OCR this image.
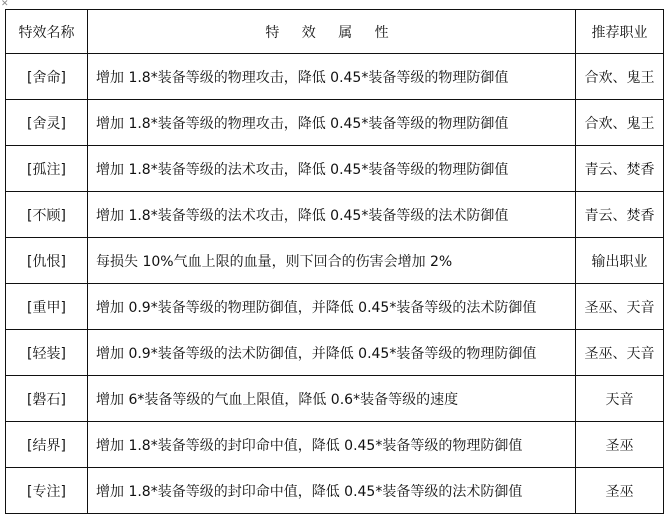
✕
特效名称	特 效 属 性	推荐职业
[舍命]	增加 1.8*装备等级的物理攻击，降低 0.45*装备等级的物理防御值	合欢、鬼王
[舍灵]	增加 1.8*装备等级的物理攻击，降低 0.45*装备等级的物理防御值	合欢、鬼王
[孤注]	增加 1.8*装备等级的法术攻击，降低 0.45*装备等级的物理防御值	青云、焚香
[不顾]	增加 1.8*装备等级的法术攻击，降低 0.45*装备等级的法术防御值	青云、焚香
[仇恨]	每损失 10%气血上限的血量，则下回合的伤害会增加 2%	输出职业
[重甲]	增加 0.9*装备等级的物理防御值，并降低 0.45*装备等级的法术防御值	圣巫、天音
[轻装]	增加 0.9*装备等级的法术防御值，并降低 0.45*装备等级的物理防御值	圣巫、天音
[磐石]	增加 6*装备等级的气血上限值，降低 0.6*装备等级的速度	天音
[结界]	增加 1.8*装备等级的封印命中值，降低 0.45*装备等级的物理防御值	圣巫
[专注]	增加 1.8*装备等级的封印命中值，降低 0.45*装备等级的法术防御值	圣巫
